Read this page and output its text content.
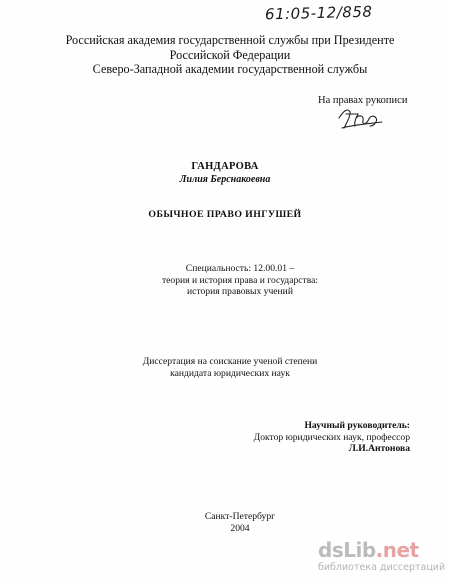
61:05-12/858
Российская академия государственной службы при Президенте
Российской Федерации
Северо-Западной академии государственной службы
На правах рукописи
ГАНДАРОВА
Лилия Берснакоевна
ОБЫЧНОЕ ПРАВО ИНГУШЕЙ
Специальность: 12.00.01 –
теория и история права и государства:
история правовых учений
Диссертация на соискание ученой степени
кандидата юридических наук
Научный руководитель:
Доктор юридических наук, профессор
Л.И.Антонова
Санкт-Петербург
2004
dsLib.net
библиотека диссертаций
